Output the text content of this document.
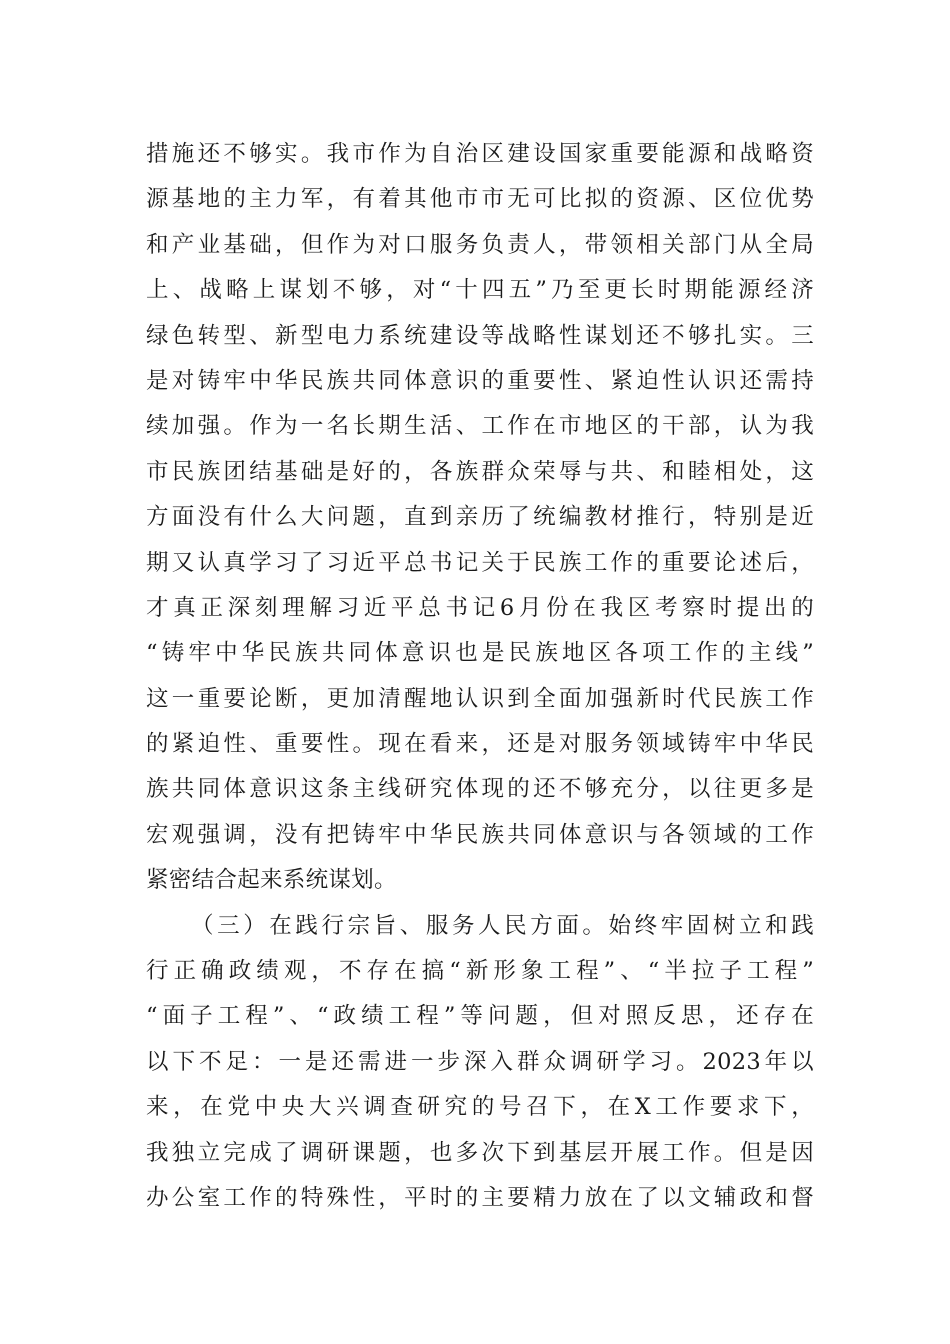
措施还不够实。我市作为自治区建设国家重要能源和战略资
源基地的主力军，有着其他市市无可比拟的资源、区位优势
和产业基础，但作为对口服务负责人，带领相关部门从全局
上、战略上谋划不够，对“十四五”乃至更长时期能源经济
绿色转型、新型电力系统建设等战略性谋划还不够扎实。三
是对铸牢中华民族共同体意识的重要性、紧迫性认识还需持
续加强。作为一名长期生活、工作在市地区的干部，认为我
市民族团结基础是好的，各族群众荣辱与共、和睦相处，这
方面没有什么大问题，直到亲历了统编教材推行，特别是近
期又认真学习了习近平总书记关于民族工作的重要论述后，
才真正深刻理解习近平总书记6月份在我区考察时提出的
“铸牢中华民族共同体意识也是民族地区各项工作的主线”
这一重要论断，更加清醒地认识到全面加强新时代民族工作
的紧迫性、重要性。现在看来，还是对服务领域铸牢中华民
族共同体意识这条主线研究体现的还不够充分，以往更多是
宏观强调，没有把铸牢中华民族共同体意识与各领域的工作
紧密结合起来系统谋划。
（三）在践行宗旨、服务人民方面。始终牢固树立和践
行正确政绩观，不存在搞“新形象工程”、“半拉子工程”
“面子工程”、“政绩工程”等问题，但对照反思，还存在
以下不足：一是还需进一步深入群众调研学习。2023年以
来，在党中央大兴调查研究的号召下，在X工作要求下，
我独立完成了调研课题，也多次下到基层开展工作。但是因
办公室工作的特殊性，平时的主要精力放在了以文辅政和督
